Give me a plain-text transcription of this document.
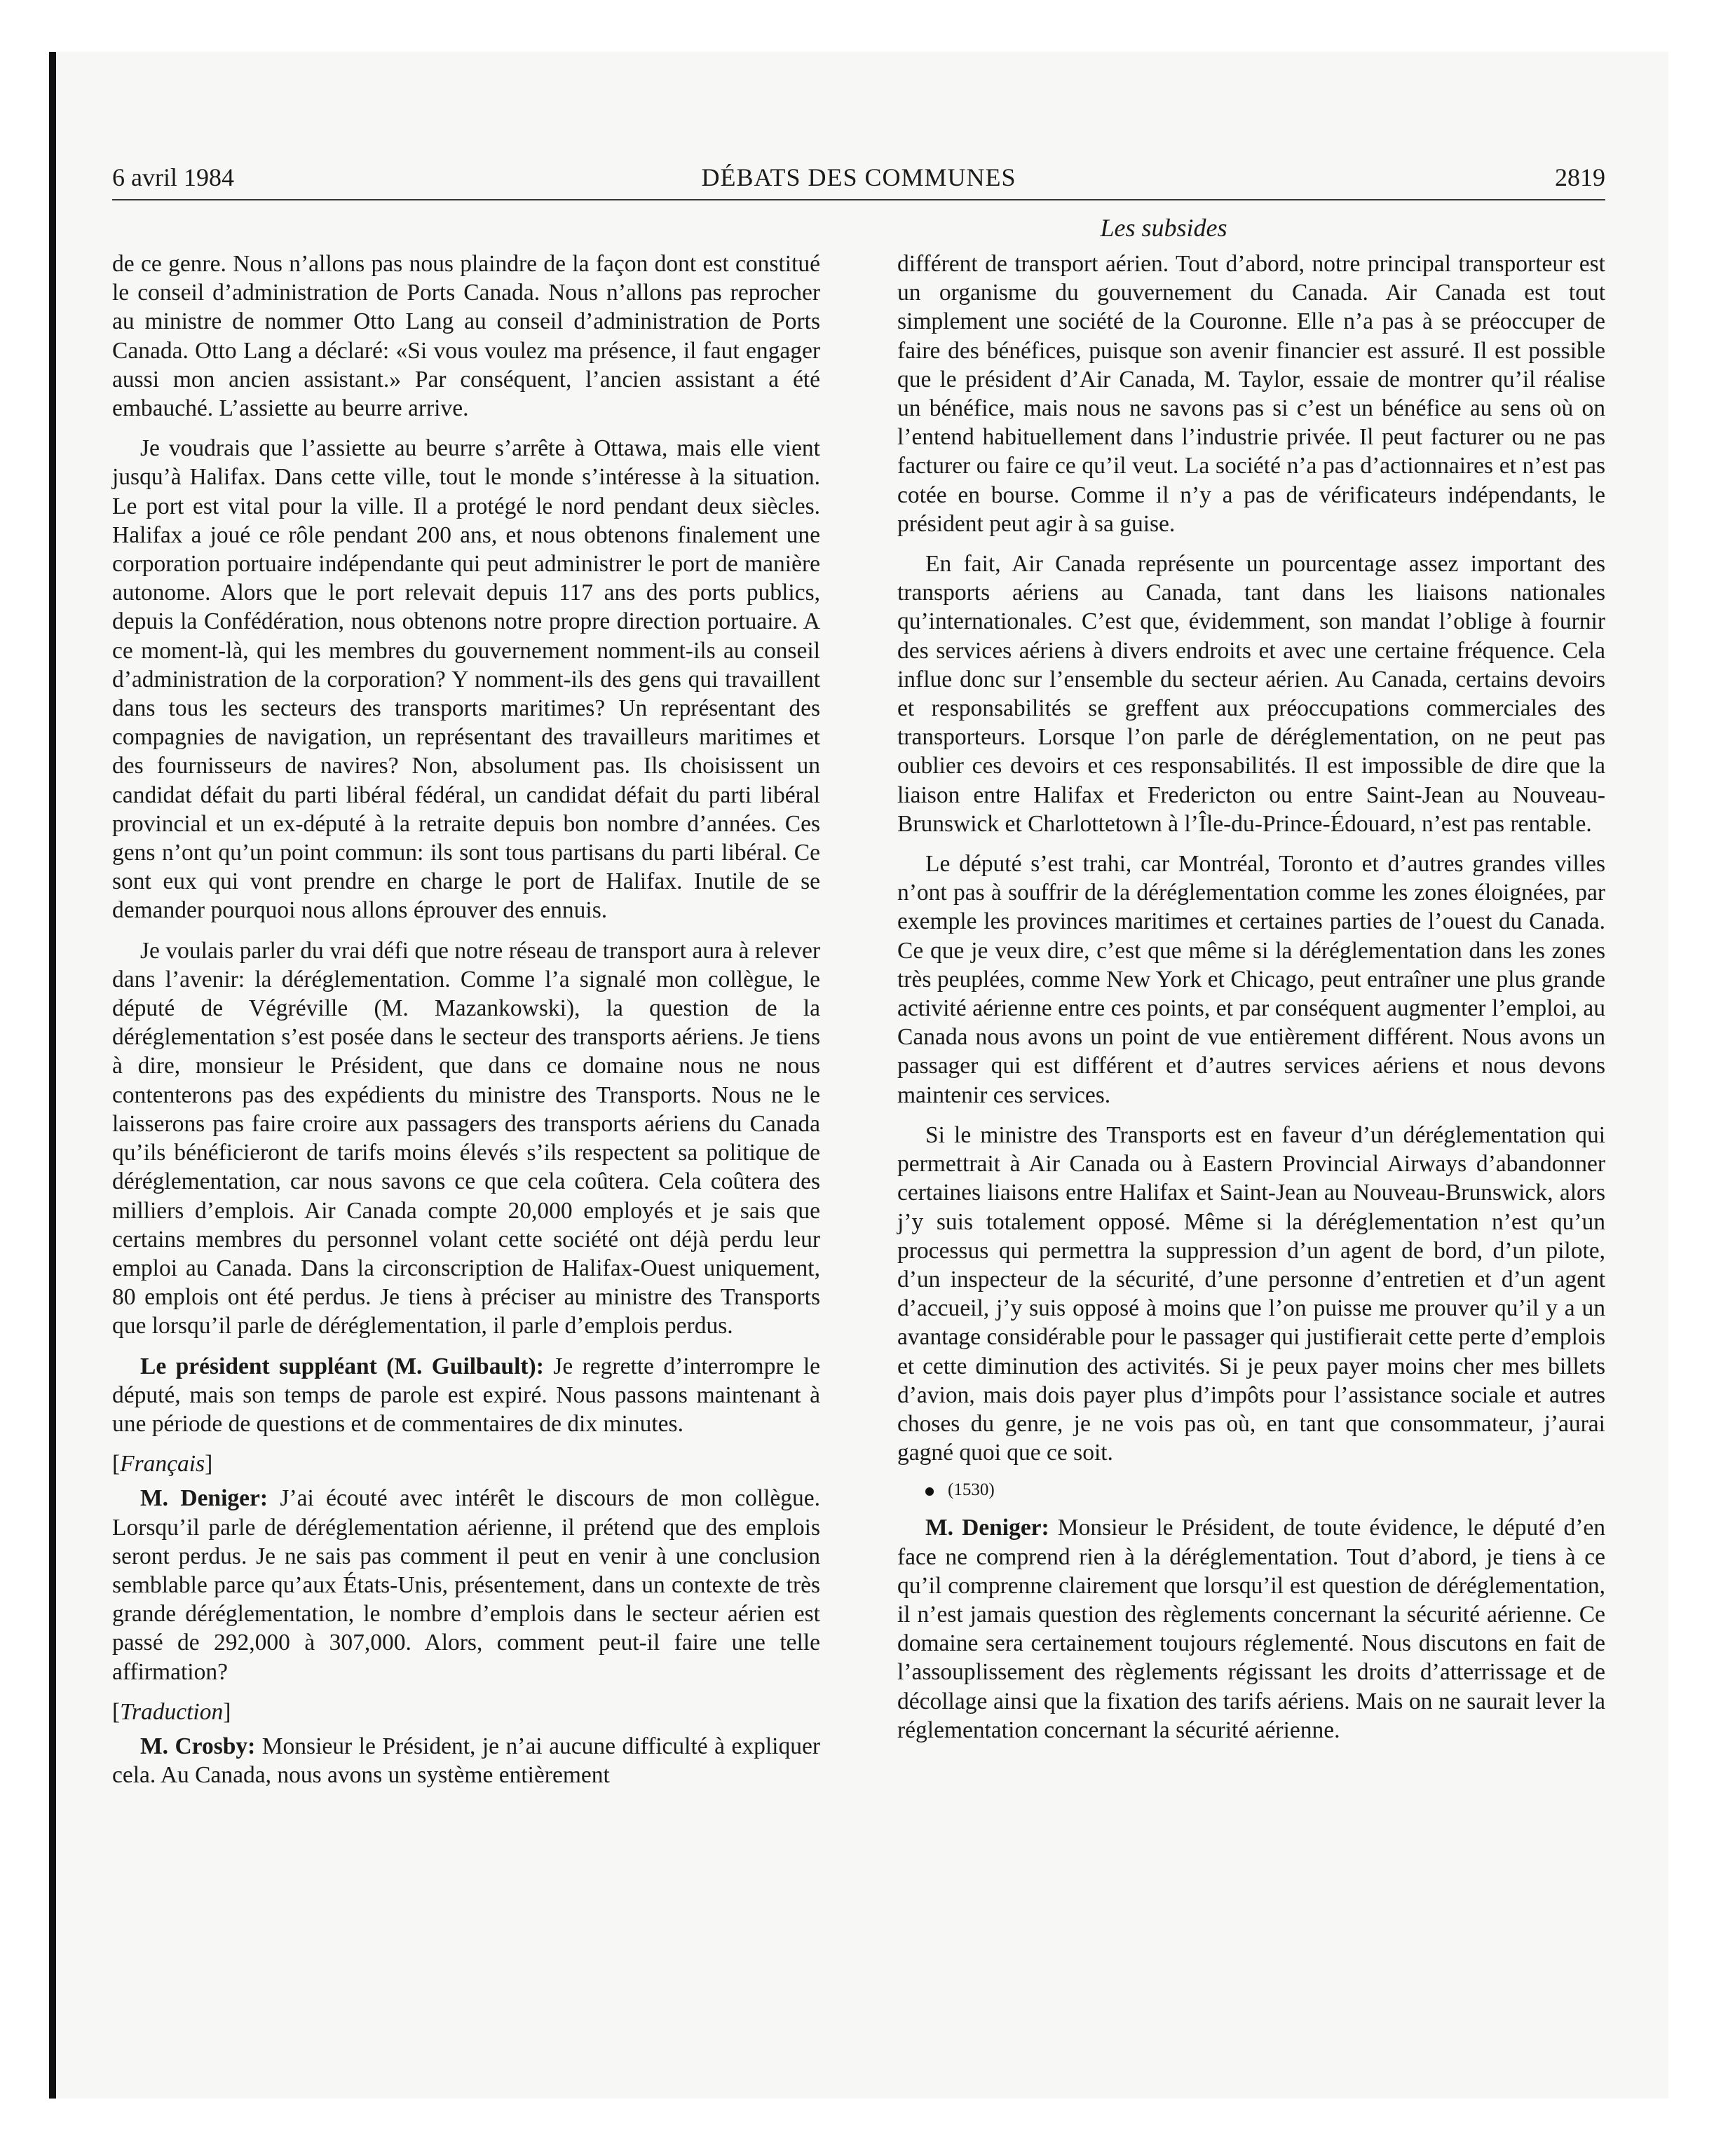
6 avril 1984	DÉBATS DES COMMUNES	2819
Les subsides

de ce genre. Nous n’allons pas nous plaindre de la façon dont est constitué le conseil d’administration de Ports Canada. Nous n’allons pas reprocher au ministre de nommer Otto Lang au conseil d’administration de Ports Canada. Otto Lang a déclaré: «Si vous voulez ma présence, il faut engager aussi mon ancien assistant.» Par conséquent, l’ancien assistant a été embauché. L’assiette au beurre arrive.

Je voudrais que l’assiette au beurre s’arrête à Ottawa, mais elle vient jusqu’à Halifax. Dans cette ville, tout le monde s’intéresse à la situation. Le port est vital pour la ville. Il a protégé le nord pendant deux siècles. Halifax a joué ce rôle pendant 200 ans, et nous obtenons finalement une corporation portuaire indépendante qui peut administrer le port de manière autonome. Alors que le port relevait depuis 117 ans des ports publics, depuis la Confédération, nous obtenons notre propre direction portuaire. A ce moment-là, qui les membres du gouvernement nomment-ils au conseil d’administration de la corporation? Y nomment-ils des gens qui travaillent dans tous les secteurs des transports maritimes? Un représentant des compagnies de navigation, un représentant des travailleurs maritimes et des fournisseurs de navires? Non, absolument pas. Ils choisissent un candidat défait du parti libéral fédéral, un candidat défait du parti libéral provincial et un ex-député à la retraite depuis bon nombre d’années. Ces gens n’ont qu’un point commun: ils sont tous partisans du parti libéral. Ce sont eux qui vont prendre en charge le port de Halifax. Inutile de se demander pourquoi nous allons éprouver des ennuis.

Je voulais parler du vrai défi que notre réseau de transport aura à relever dans l’avenir: la déréglementation. Comme l’a signalé mon collègue, le député de Végréville (M. Mazankowski), la question de la déréglementation s’est posée dans le secteur des transports aériens. Je tiens à dire, monsieur le Président, que dans ce domaine nous ne nous contenterons pas des expédients du ministre des Transports. Nous ne le laisserons pas faire croire aux passagers des transports aériens du Canada qu’ils bénéficieront de tarifs moins élevés s’ils respectent sa politique de déréglementation, car nous savons ce que cela coûtera. Cela coûtera des milliers d’emplois. Air Canada compte 20,000 employés et je sais que certains membres du personnel volant cette société ont déjà perdu leur emploi au Canada. Dans la circonscription de Halifax-Ouest uniquement, 80 emplois ont été perdus. Je tiens à préciser au ministre des Transports que lorsqu’il parle de déréglementation, il parle d’emplois perdus.

Le président suppléant (M. Guilbault): Je regrette d’interrompre le député, mais son temps de parole est expiré. Nous passons maintenant à une période de questions et de commentaires de dix minutes.

[Français]

M. Deniger: J’ai écouté avec intérêt le discours de mon collègue. Lorsqu’il parle de déréglementation aérienne, il prétend que des emplois seront perdus. Je ne sais pas comment il peut en venir à une conclusion semblable parce qu’aux États-Unis, présentement, dans un contexte de très grande déréglementation, le nombre d’emplois dans le secteur aérien est passé de 292,000 à 307,000. Alors, comment peut-il faire une telle affirmation?

[Traduction]

M. Crosby: Monsieur le Président, je n’ai aucune difficulté à expliquer cela. Au Canada, nous avons un système entièrement

différent de transport aérien. Tout d’abord, notre principal transporteur est un organisme du gouvernement du Canada. Air Canada est tout simplement une société de la Couronne. Elle n’a pas à se préoccuper de faire des bénéfices, puisque son avenir financier est assuré. Il est possible que le président d’Air Canada, M. Taylor, essaie de montrer qu’il réalise un bénéfice, mais nous ne savons pas si c’est un bénéfice au sens où on l’entend habituellement dans l’industrie privée. Il peut facturer ou ne pas facturer ou faire ce qu’il veut. La société n’a pas d’actionnaires et n’est pas cotée en bourse. Comme il n’y a pas de vérificateurs indépendants, le président peut agir à sa guise.

En fait, Air Canada représente un pourcentage assez important des transports aériens au Canada, tant dans les liaisons nationales qu’internationales. C’est que, évidemment, son mandat l’oblige à fournir des services aériens à divers endroits et avec une certaine fréquence. Cela influe donc sur l’ensemble du secteur aérien. Au Canada, certains devoirs et responsabilités se greffent aux préoccupations commerciales des transporteurs. Lorsque l’on parle de déréglementation, on ne peut pas oublier ces devoirs et ces responsabilités. Il est impossible de dire que la liaison entre Halifax et Fredericton ou entre Saint-Jean au Nouveau-Brunswick et Charlottetown à l’Île-du-Prince-Édouard, n’est pas rentable.

Le député s’est trahi, car Montréal, Toronto et d’autres grandes villes n’ont pas à souffrir de la déréglementation comme les zones éloignées, par exemple les provinces maritimes et certaines parties de l’ouest du Canada. Ce que je veux dire, c’est que même si la déréglementation dans les zones très peuplées, comme New York et Chicago, peut entraîner une plus grande activité aérienne entre ces points, et par conséquent augmenter l’emploi, au Canada nous avons un point de vue entièrement différent. Nous avons un passager qui est différent et d’autres services aériens et nous devons maintenir ces services.

Si le ministre des Transports est en faveur d’un déréglementation qui permettrait à Air Canada ou à Eastern Provincial Airways d’abandonner certaines liaisons entre Halifax et Saint-Jean au Nouveau-Brunswick, alors j’y suis totalement opposé. Même si la déréglementation n’est qu’un processus qui permettra la suppression d’un agent de bord, d’un pilote, d’un inspecteur de la sécurité, d’une personne d’entretien et d’un agent d’accueil, j’y suis opposé à moins que l’on puisse me prouver qu’il y a un avantage considérable pour le passager qui justifierait cette perte d’emplois et cette diminution des activités. Si je peux payer moins cher mes billets d’avion, mais dois payer plus d’impôts pour l’assistance sociale et autres choses du genre, je ne vois pas où, en tant que consommateur, j’aurai gagné quoi que ce soit.

(1530)

M. Deniger: Monsieur le Président, de toute évidence, le député d’en face ne comprend rien à la déréglementation. Tout d’abord, je tiens à ce qu’il comprenne clairement que lorsqu’il est question de déréglementation, il n’est jamais question des règlements concernant la sécurité aérienne. Ce domaine sera certainement toujours réglementé. Nous discutons en fait de l’assouplissement des règlements régissant les droits d’atterrissage et de décollage ainsi que la fixation des tarifs aériens. Mais on ne saurait lever la réglementation concernant la sécurité aérienne.
